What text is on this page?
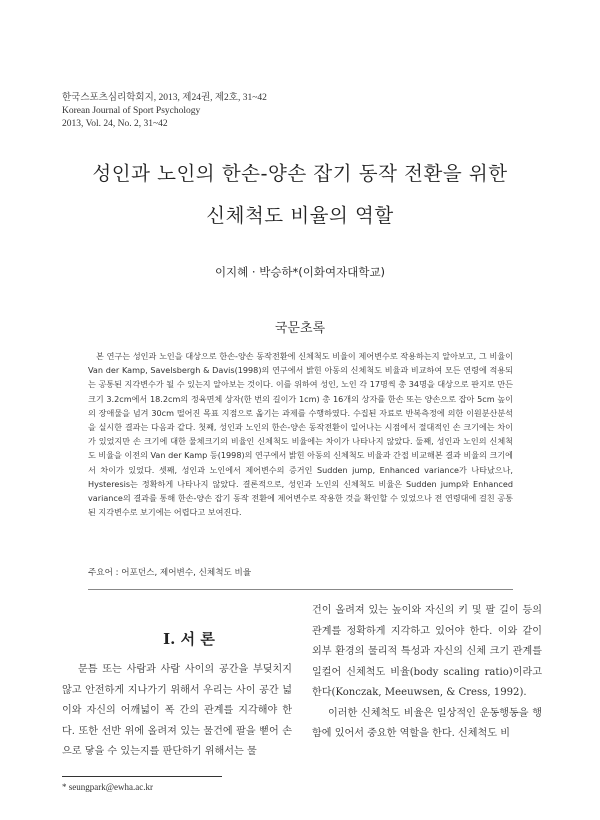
한국스포츠심리학회지, 2013, 제24권, 제2호, 31~42
Korean Journal of Sport Psychology
2013, Vol. 24, No. 2, 31~42
성인과 노인의 한손-양손 잡기 동작 전환을 위한
신체척도 비율의 역할
이지혜 · 박승하*(이화여자대학교)
국문초록

본 연구는 성인과 노인을 대상으로 한손-양손 동작전환에 신체척도 비율이 제어변수로 작용하는지 알아보고, 그 비율이 Van der Kamp, Savelsbergh & Davis(1998)의 연구에서 밝힌 아동의 신체척도 비율과 비교하여 모든 연령에 적용되는 공통된 지각변수가 될 수 있는지 알아보는 것이다. 이를 위하여 성인, 노인 각 17명씩 총 34명을 대상으로 판지로 만든 크기 3.2cm에서 18.2cm의 정육면체 상자(한 번의 길이가 1cm) 총 16개의 상자를 한손 또는 양손으로 잡아 5cm 높이의 장애물을 넘겨 30cm 떨어진 목표 지점으로 옮기는 과제를 수행하였다. 수집된 자료로 반복측정에 의한 이원분산분석을 실시한 결과는 다음과 같다. 첫째, 성인과 노인의 한손-양손 동작전환이 일어나는 시점에서 절대적인 손 크기에는 차이가 있었지만 손 크기에 대한 물체크기의 비율인 신체척도 비율에는 차이가 나타나지 않았다. 둘째, 성인과 노인의 신체척도 비율을 이전의 Van der Kamp 등(1998)의 연구에서 밝힌 아동의 신체척도 비율과 간접 비교해본 결과 비율의 크기에서 차이가 있었다. 셋째, 성인과 노인에서 제어변수의 증거인 Sudden jump, Enhanced variance가 나타났으나, Hysteresis는 정확하게 나타나지 않았다. 결론적으로, 성인과 노인의 신체척도 비율은 Sudden jump와 Enhanced variance의 결과를 통해 한손-양손 잡기 동작 전환에 제어변수로 작용한 것을 확인할 수 있었으나 전 연령대에 걸친 공통된 지각변수로 보기에는 어렵다고 보여진다.

주요어 : 어포던스, 제어변수, 신체척도 비율
I. 서 론

문틈 또는 사람과 사람 사이의 공간을 부딪치지 않고 안전하게 지나가기 위해서 우리는 사이 공간 넓이와 자신의 어깨넓이 폭 간의 관계를 지각해야 한다. 또한 선반 위에 올려져 있는 물건에 팔을 뻗어 손으로 닿을 수 있는지를 판단하기 위해서는 물

건이 올려져 있는 높이와 자신의 키 및 팔 길이 등의 관계를 정확하게 지각하고 있어야 한다. 이와 같이 외부 환경의 물리적 특성과 자신의 신체 크기 관계를 일컬어 신체척도 비율(body scaling ratio)이라고 한다(Konczak, Meeuwsen, & Cress, 1992).

이러한 신체척도 비율은 일상적인 운동행동을 행함에 있어서 중요한 역할을 한다. 신체척도 비

* seungpark@ewha.ac.kr
